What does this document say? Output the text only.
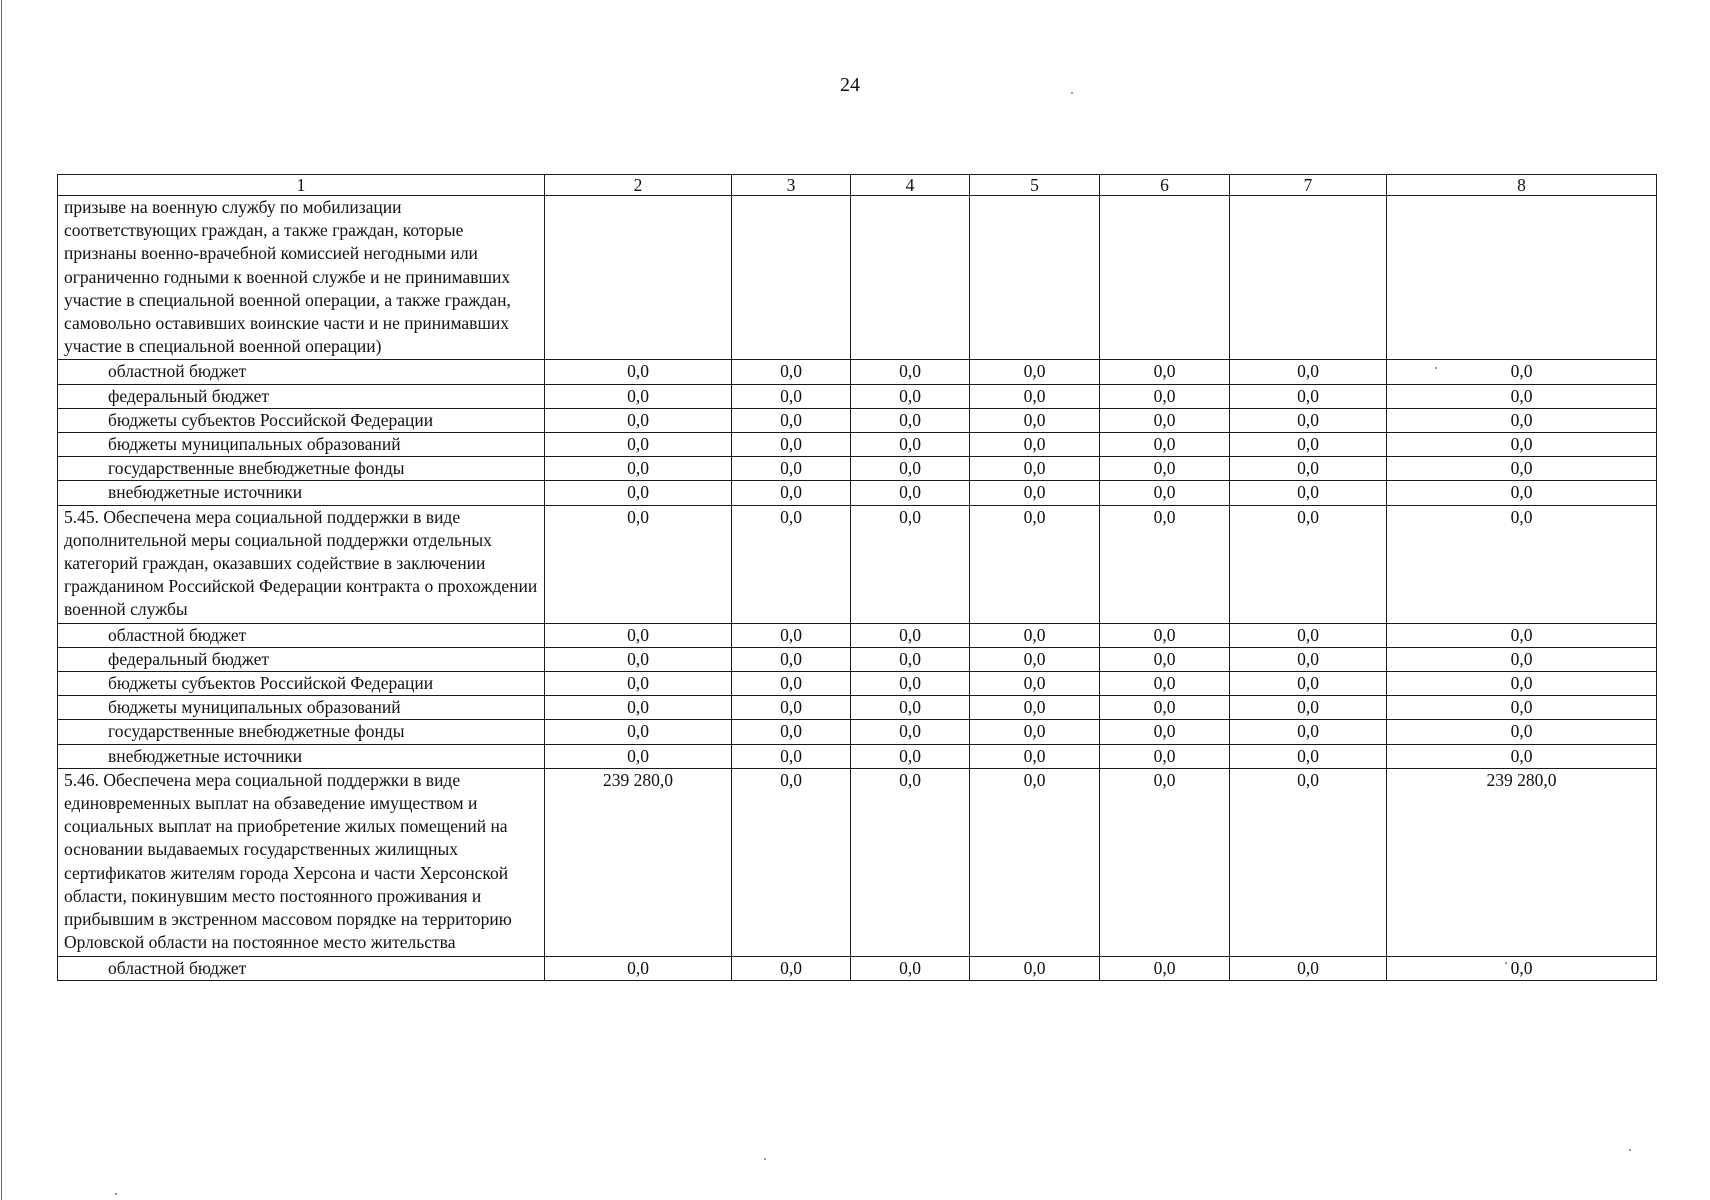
24
1	2	3	4	5	6	7	8
призыве на военную службу по мобилизации соответствующих граждан, а также граждан, которые признаны военно-врачебной комиссией негодными или ограниченно годными к военной службе и не принимавших участие в специальной военной операции, а также граждан, самовольно оставивших воинские части и не принимавших участие в специальной военной операции)							
областной бюджет	0,0	0,0	0,0	0,0	0,0	0,0	0,0
федеральный бюджет	0,0	0,0	0,0	0,0	0,0	0,0	0,0
бюджеты субъектов Российской Федерации	0,0	0,0	0,0	0,0	0,0	0,0	0,0
бюджеты муниципальных образований	0,0	0,0	0,0	0,0	0,0	0,0	0,0
государственные внебюджетные фонды	0,0	0,0	0,0	0,0	0,0	0,0	0,0
внебюджетные источники	0,0	0,0	0,0	0,0	0,0	0,0	0,0
5.45. Обеспечена мера социальной поддержки в виде дополнительной меры социальной поддержки отдельных категорий граждан, оказавших содействие в заключении гражданином Российской Федерации контракта о прохождении военной службы	0,0	0,0	0,0	0,0	0,0	0,0	0,0
областной бюджет	0,0	0,0	0,0	0,0	0,0	0,0	0,0
федеральный бюджет	0,0	0,0	0,0	0,0	0,0	0,0	0,0
бюджеты субъектов Российской Федерации	0,0	0,0	0,0	0,0	0,0	0,0	0,0
бюджеты муниципальных образований	0,0	0,0	0,0	0,0	0,0	0,0	0,0
государственные внебюджетные фонды	0,0	0,0	0,0	0,0	0,0	0,0	0,0
внебюджетные источники	0,0	0,0	0,0	0,0	0,0	0,0	0,0
5.46. Обеспечена мера социальной поддержки в виде единовременных выплат на обзаведение имуществом и социальных выплат на приобретение жилых помещений на основании выдаваемых государственных жилищных сертификатов жителям города Херсона и части Херсонской области, покинувшим место постоянного проживания и прибывшим в экстренном массовом порядке на территорию Орловской области на постоянное место жительства	239 280,0	0,0	0,0	0,0	0,0	0,0	239 280,0
областной бюджет	0,0	0,0	0,0	0,0	0,0	0,0	0,0
